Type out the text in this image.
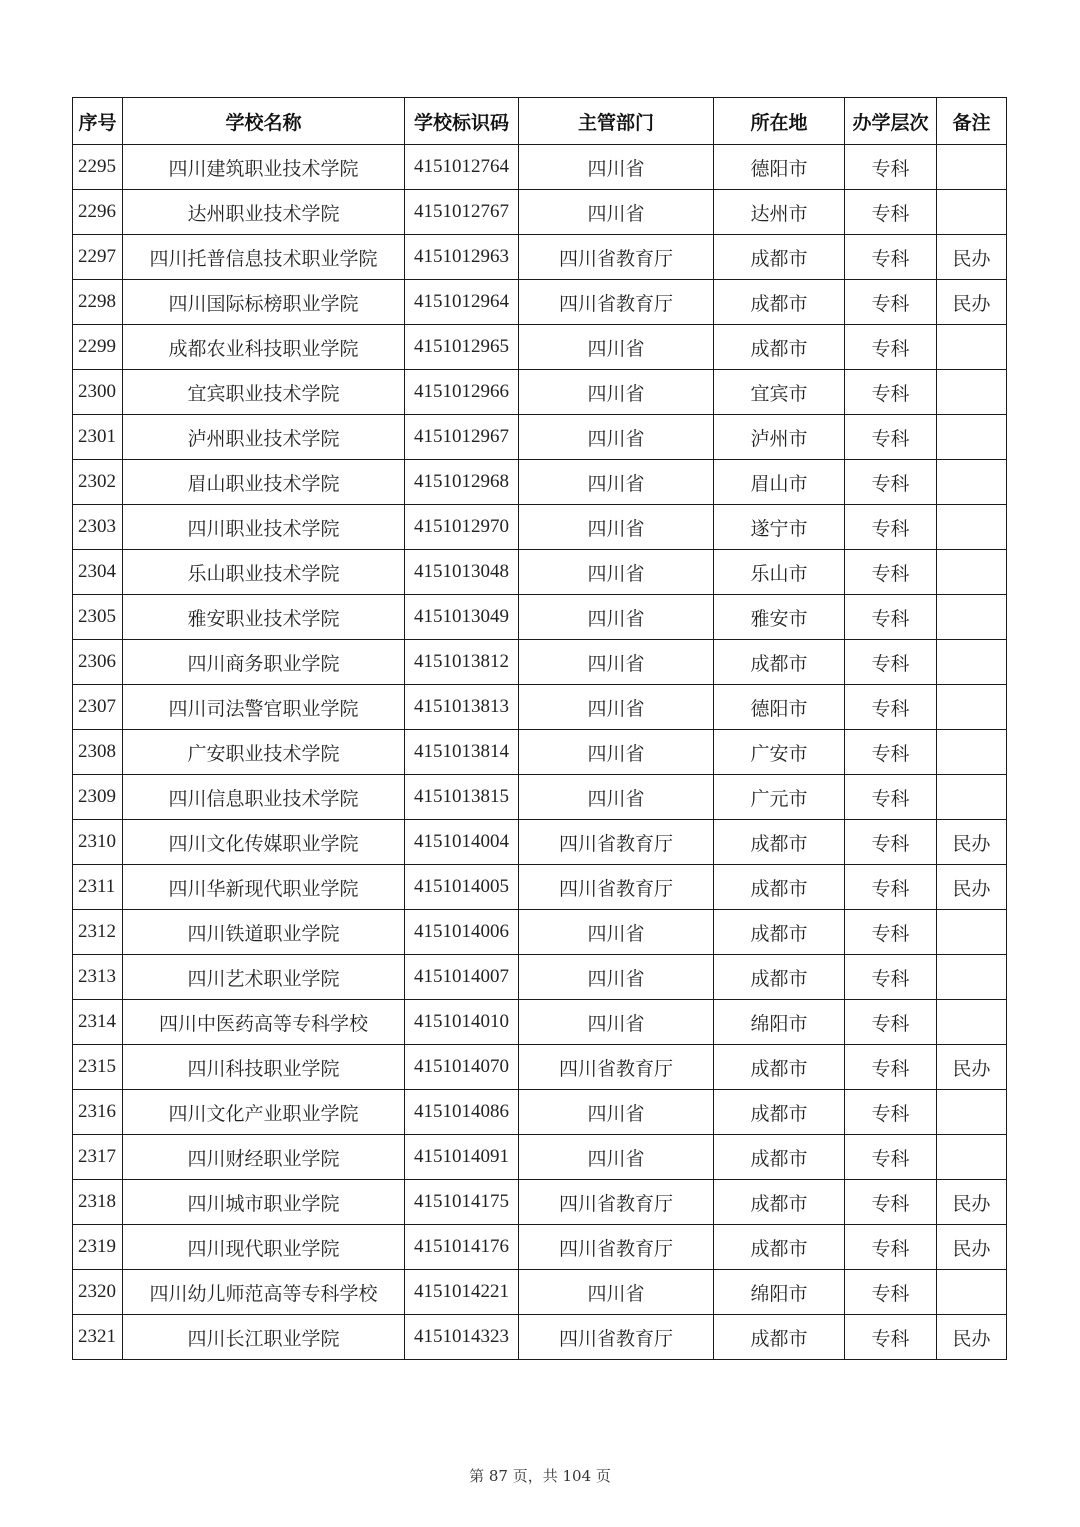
序号	学校名称	学校标识码	主管部门	所在地	办学层次	备注
2295	四川建筑职业技术学院	4151012764	四川省	德阳市	专科	
2296	达州职业技术学院	4151012767	四川省	达州市	专科	
2297	四川托普信息技术职业学院	4151012963	四川省教育厅	成都市	专科	民办
2298	四川国际标榜职业学院	4151012964	四川省教育厅	成都市	专科	民办
2299	成都农业科技职业学院	4151012965	四川省	成都市	专科	
2300	宜宾职业技术学院	4151012966	四川省	宜宾市	专科	
2301	泸州职业技术学院	4151012967	四川省	泸州市	专科	
2302	眉山职业技术学院	4151012968	四川省	眉山市	专科	
2303	四川职业技术学院	4151012970	四川省	遂宁市	专科	
2304	乐山职业技术学院	4151013048	四川省	乐山市	专科	
2305	雅安职业技术学院	4151013049	四川省	雅安市	专科	
2306	四川商务职业学院	4151013812	四川省	成都市	专科	
2307	四川司法警官职业学院	4151013813	四川省	德阳市	专科	
2308	广安职业技术学院	4151013814	四川省	广安市	专科	
2309	四川信息职业技术学院	4151013815	四川省	广元市	专科	
2310	四川文化传媒职业学院	4151014004	四川省教育厅	成都市	专科	民办
2311	四川华新现代职业学院	4151014005	四川省教育厅	成都市	专科	民办
2312	四川铁道职业学院	4151014006	四川省	成都市	专科	
2313	四川艺术职业学院	4151014007	四川省	成都市	专科	
2314	四川中医药高等专科学校	4151014010	四川省	绵阳市	专科	
2315	四川科技职业学院	4151014070	四川省教育厅	成都市	专科	民办
2316	四川文化产业职业学院	4151014086	四川省	成都市	专科	
2317	四川财经职业学院	4151014091	四川省	成都市	专科	
2318	四川城市职业学院	4151014175	四川省教育厅	成都市	专科	民办
2319	四川现代职业学院	4151014176	四川省教育厅	成都市	专科	民办
2320	四川幼儿师范高等专科学校	4151014221	四川省	绵阳市	专科	
2321	四川长江职业学院	4151014323	四川省教育厅	成都市	专科	民办
第 87 页，共 104 页
